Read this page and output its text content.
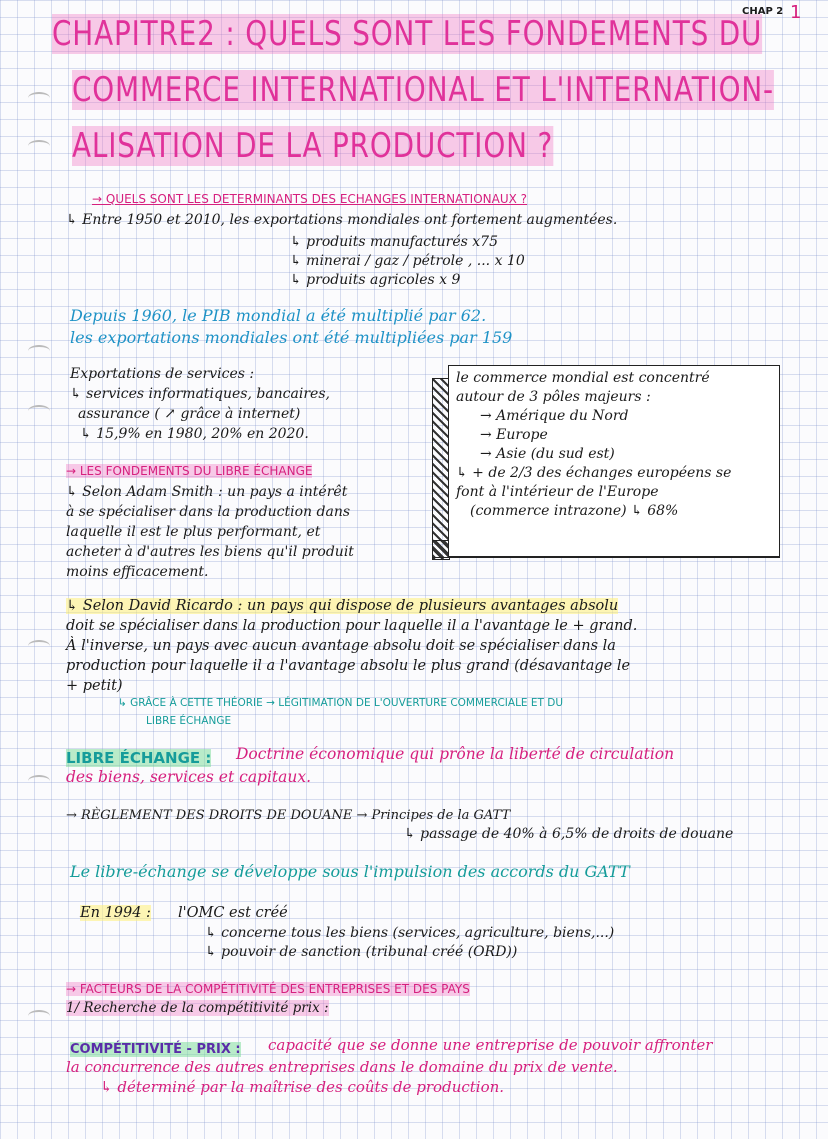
CHAP 2 1
CHAPITRE2 : QUELS SONT LES FONDEMENTS DU
COMMERCE INTERNATIONAL ET L'INTERNATION-
ALISATION DE LA PRODUCTION ?
→ QUELS SONT LES DETERMINANTS DES ECHANGES INTERNATIONAUX ?
↳ Entre 1950 et 2010, les exportations mondiales ont fortement augmentées.
↳ produits manufacturés x75
↳ minerai / gaz / pétrole , ... x 10
↳ produits agricoles x 9
Depuis 1960, le PIB mondial a été multiplié par 62.
les exportations mondiales ont été multipliées par 159
Exportations de services :
↳ services informatiques, bancaires,
assurance ( ↗ grâce à internet)
↳ 15,9% en 1980, 20% en 2020.
le commerce mondial est concentré
autour de 3 pôles majeurs :
→ Amérique du Nord
→ Europe
→ Asie (du sud est)
↳ + de 2/3 des échanges européens se
font à l'intérieur de l'Europe
(commerce intrazone) ↳ 68%
→ LES FONDEMENTS DU LIBRE ÉCHANGE
↳ Selon Adam Smith : un pays a intérêt
à se spécialiser dans la production dans
laquelle il est le plus performant, et
acheter à d'autres les biens qu'il produit
moins efficacement.
↳ Selon David Ricardo : un pays qui dispose de plusieurs avantages absolu
doit se spécialiser dans la production pour laquelle il a l'avantage le + grand.
À l'inverse, un pays avec aucun avantage absolu doit se spécialiser dans la
production pour laquelle il a l'avantage absolu le plus grand (désavantage le
+ petit)
↳ GRÂCE À CETTE THÉORIE → LÉGITIMATION DE L'OUVERTURE COMMERCIALE ET DU
LIBRE ÉCHANGE
LIBRE ÉCHANGE : Doctrine économique qui prône la liberté de circulation
des biens, services et capitaux.
→ RÈGLEMENT DES DROITS DE DOUANE → Principes de la GATT
↳ passage de 40% à 6,5% de droits de douane
Le libre-échange se développe sous l'impulsion des accords du GATT
En 1994 : l'OMC est créé
↳ concerne tous les biens (services, agriculture, biens,...)
↳ pouvoir de sanction (tribunal créé (ORD))
→ FACTEURS DE LA COMPÉTITIVITÉ DES ENTREPRISES ET DES PAYS
1/ Recherche de la compétitivité prix :
COMPÉTITIVITÉ - PRIX : capacité que se donne une entreprise de pouvoir affronter
la concurrence des autres entreprises dans le domaine du prix de vente.
↳ déterminé par la maîtrise des coûts de production.
